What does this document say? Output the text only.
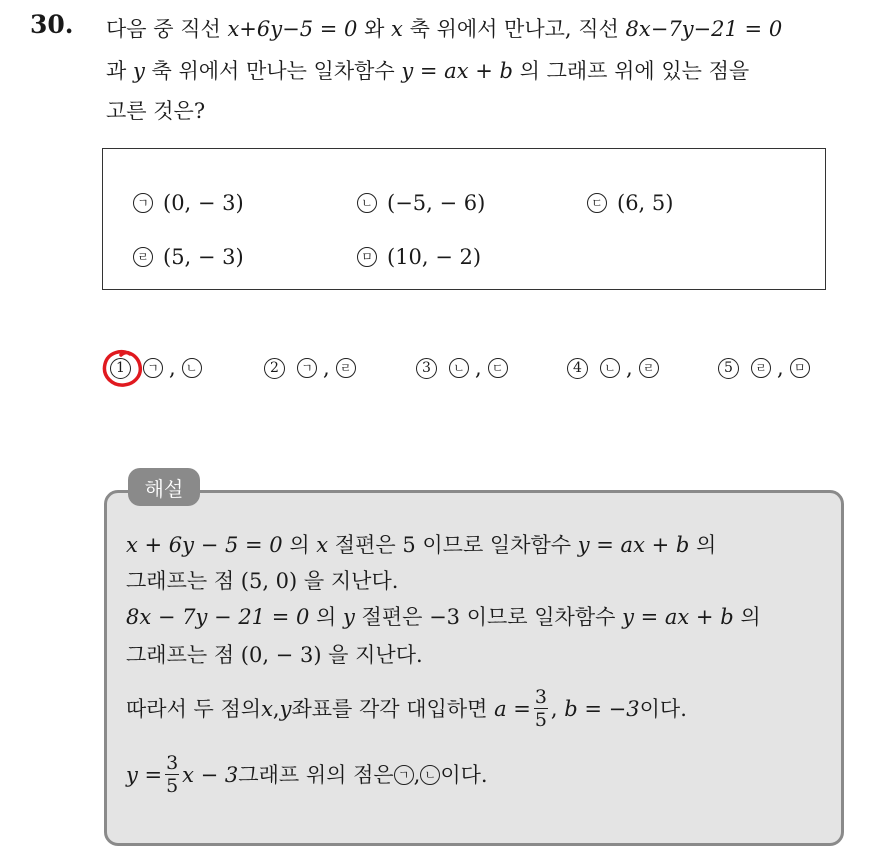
30. 다음 중 직선 x+6y−5 = 0 와 x 축 위에서 만나고, 직선 8x−7y−21 = 0
과 y 축 위에서 만나는 일차함수 y = ax + b 의 그래프 위에 있는 점을
고른 것은?
ㄱ (0, − 3)	ㄴ (−5, − 6)	ㄷ (6, 5)
ㄹ (5, − 3)	ㅁ (10, − 2)
1	ㄱ , ㄴ	2	ㄱ , ㄹ	3	ㄴ , ㄷ	4	ㄴ , ㄹ	5	ㄹ , ㅁ
해설
x + 6y − 5 = 0 의 x 절편은 5 이므로 일차함수 y = ax + b 의
그래프는 점 (5, 0) 을 지난다.
8x − 7y − 21 = 0 의 y 절편은 −3 이므로 일차함수 y = ax + b 의
그래프는 점 (0, − 3) 을 지난다.
따라서 두 점의 x , y 좌표를 각각 대입하면
$a = \frac{3}{5}$ ,
b = −3 이다.
$y = \frac{3}{5}$ x − 3 그래프 위의 점은 ㄱ , ㄴ 이다.
